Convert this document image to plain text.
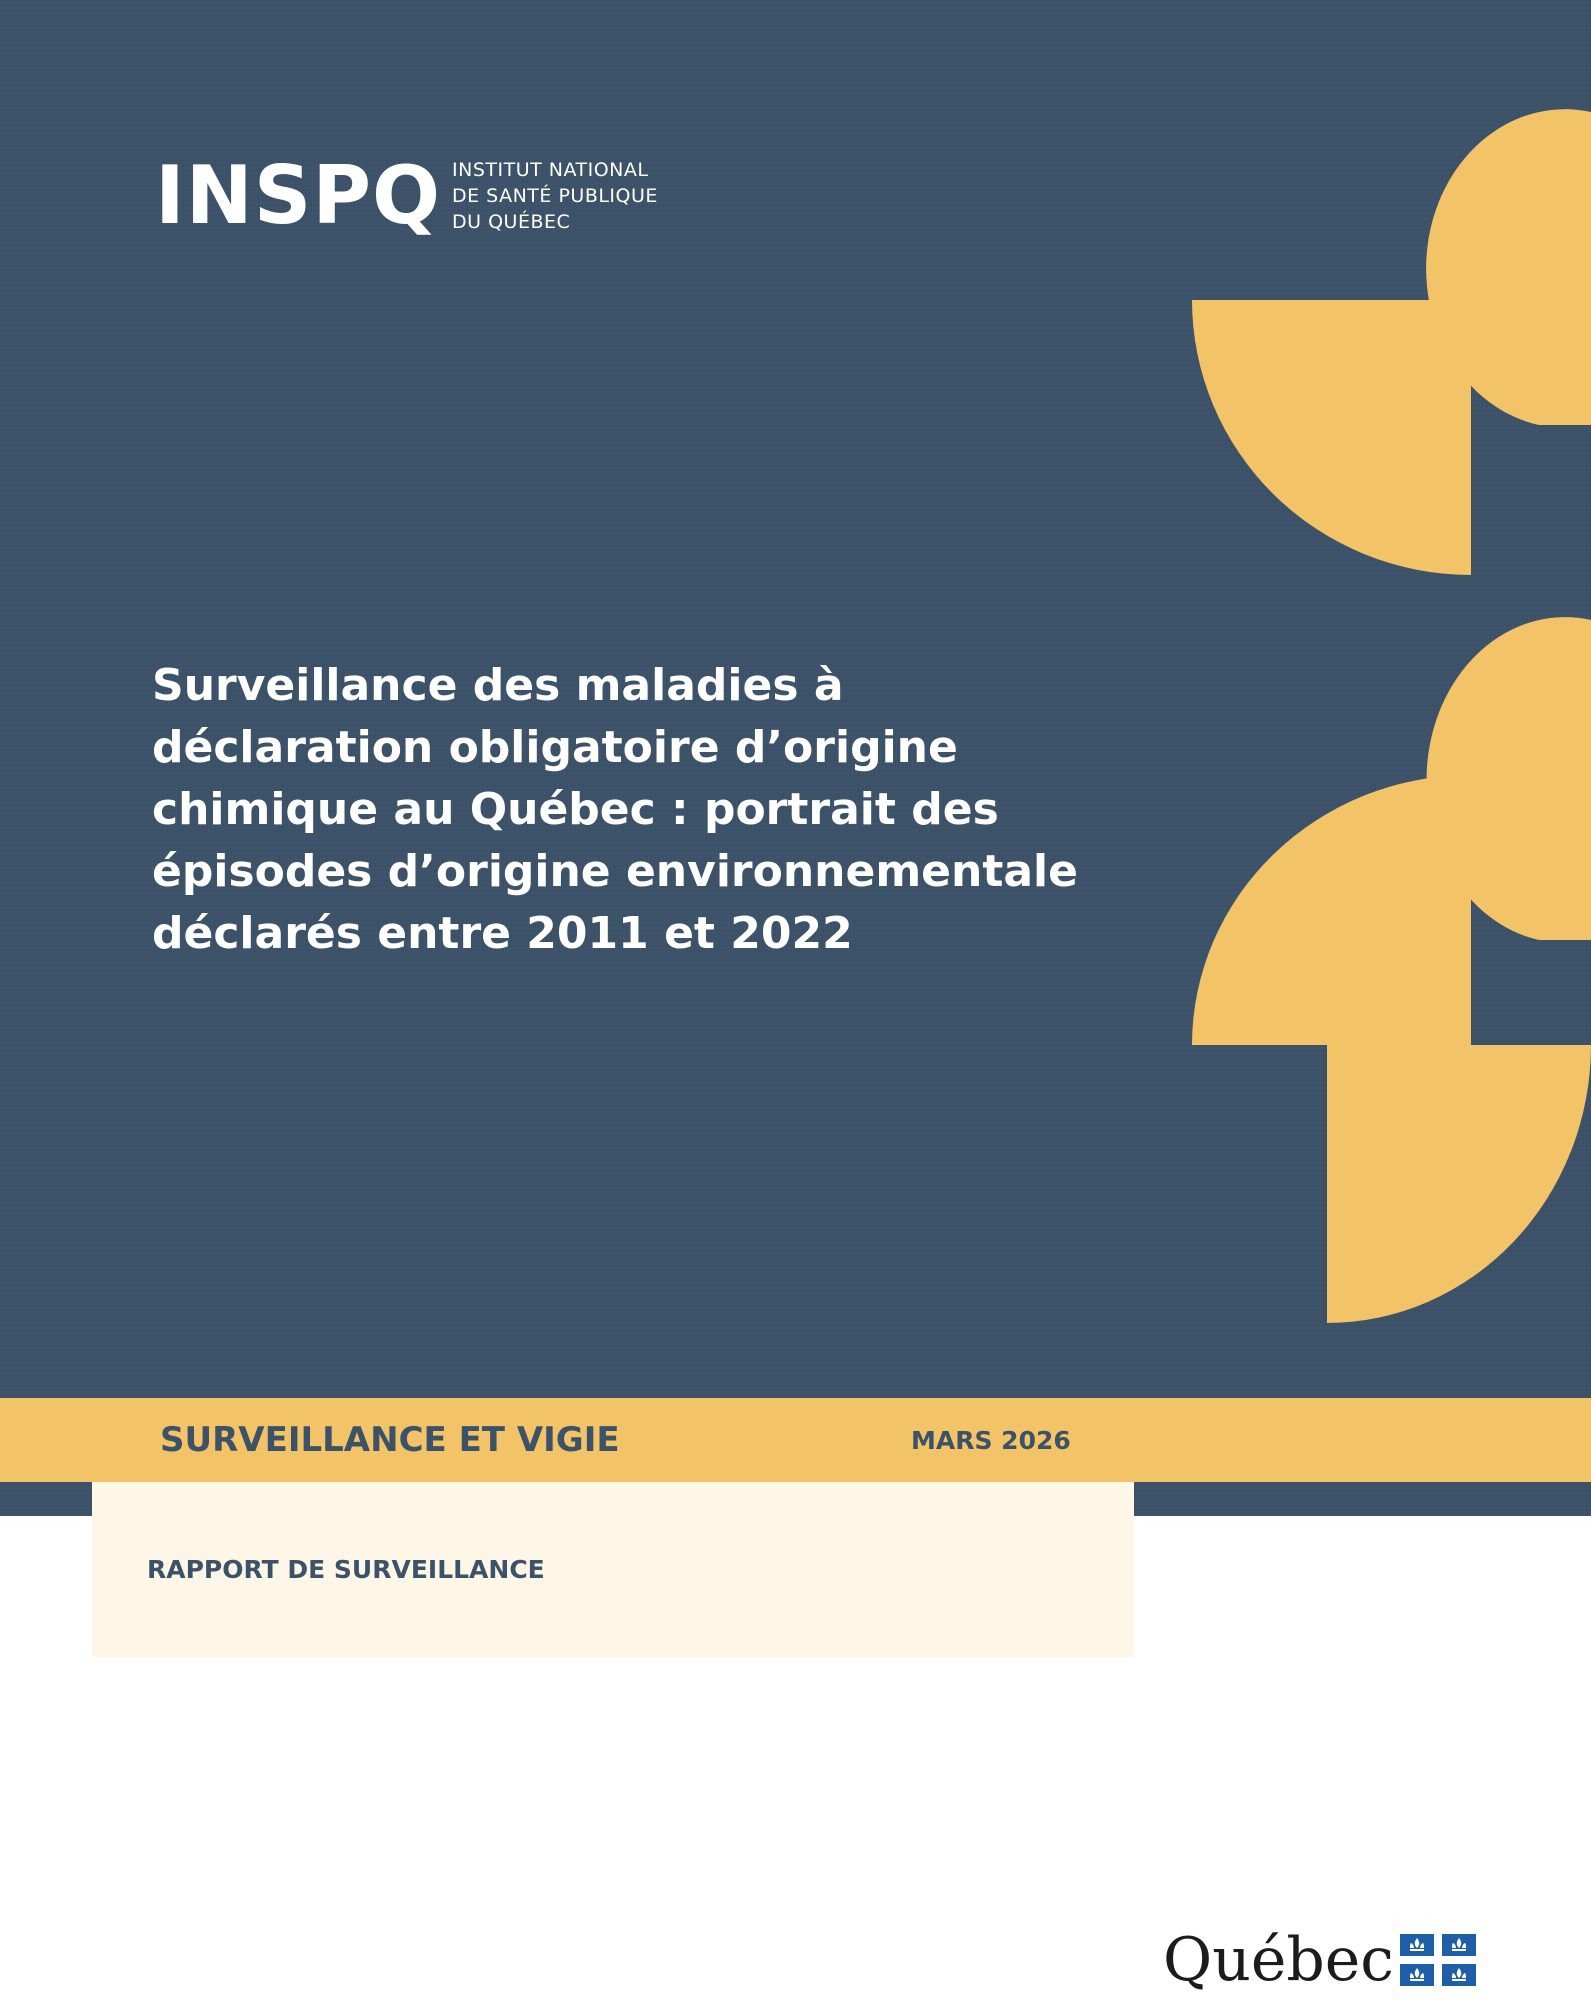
INSPQ INSTITUT NATIONAL
DE SANTÉ PUBLIQUE
DU QUÉBEC
Surveillance des maladies à déclaration obligatoire d’origine chimique au Québec : portrait des épisodes d’origine environnementale déclarés entre 2011 et 2022
SURVEILLANCE ET VIGIE	MARS 2026
RAPPORT DE SURVEILLANCE
Québec
